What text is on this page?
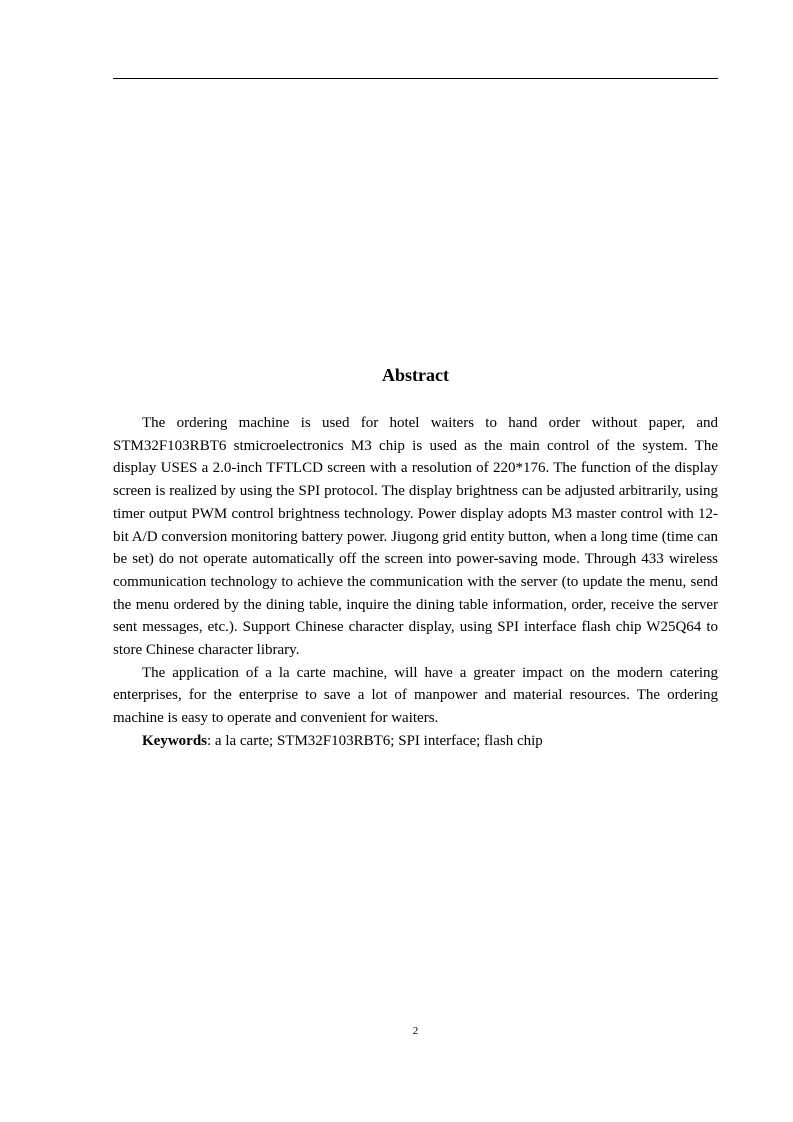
Abstract

The ordering machine is used for hotel waiters to hand order without paper, and STM32F103RBT6 stmicroelectronics M3 chip is used as the main control of the system. The display USES a 2.0-inch TFTLCD screen with a resolution of 220*176. The function of the display screen is realized by using the SPI protocol. The display brightness can be adjusted arbitrarily, using timer output PWM control brightness technology. Power display adopts M3 master control with 12-bit A/D conversion monitoring battery power. Jiugong grid entity button, when a long time (time can be set) do not operate automatically off the screen into power-saving mode. Through 433 wireless communication technology to achieve the communication with the server (to update the menu, send the menu ordered by the dining table, inquire the dining table information, order, receive the server sent messages, etc.). Support Chinese character display, using SPI interface flash chip W25Q64 to store Chinese character library.

The application of a la carte machine, will have a greater impact on the modern catering enterprises, for the enterprise to save a lot of manpower and material resources. The ordering machine is easy to operate and convenient for waiters.

Keywords: a la carte; STM32F103RBT6; SPI interface; flash chip

2
